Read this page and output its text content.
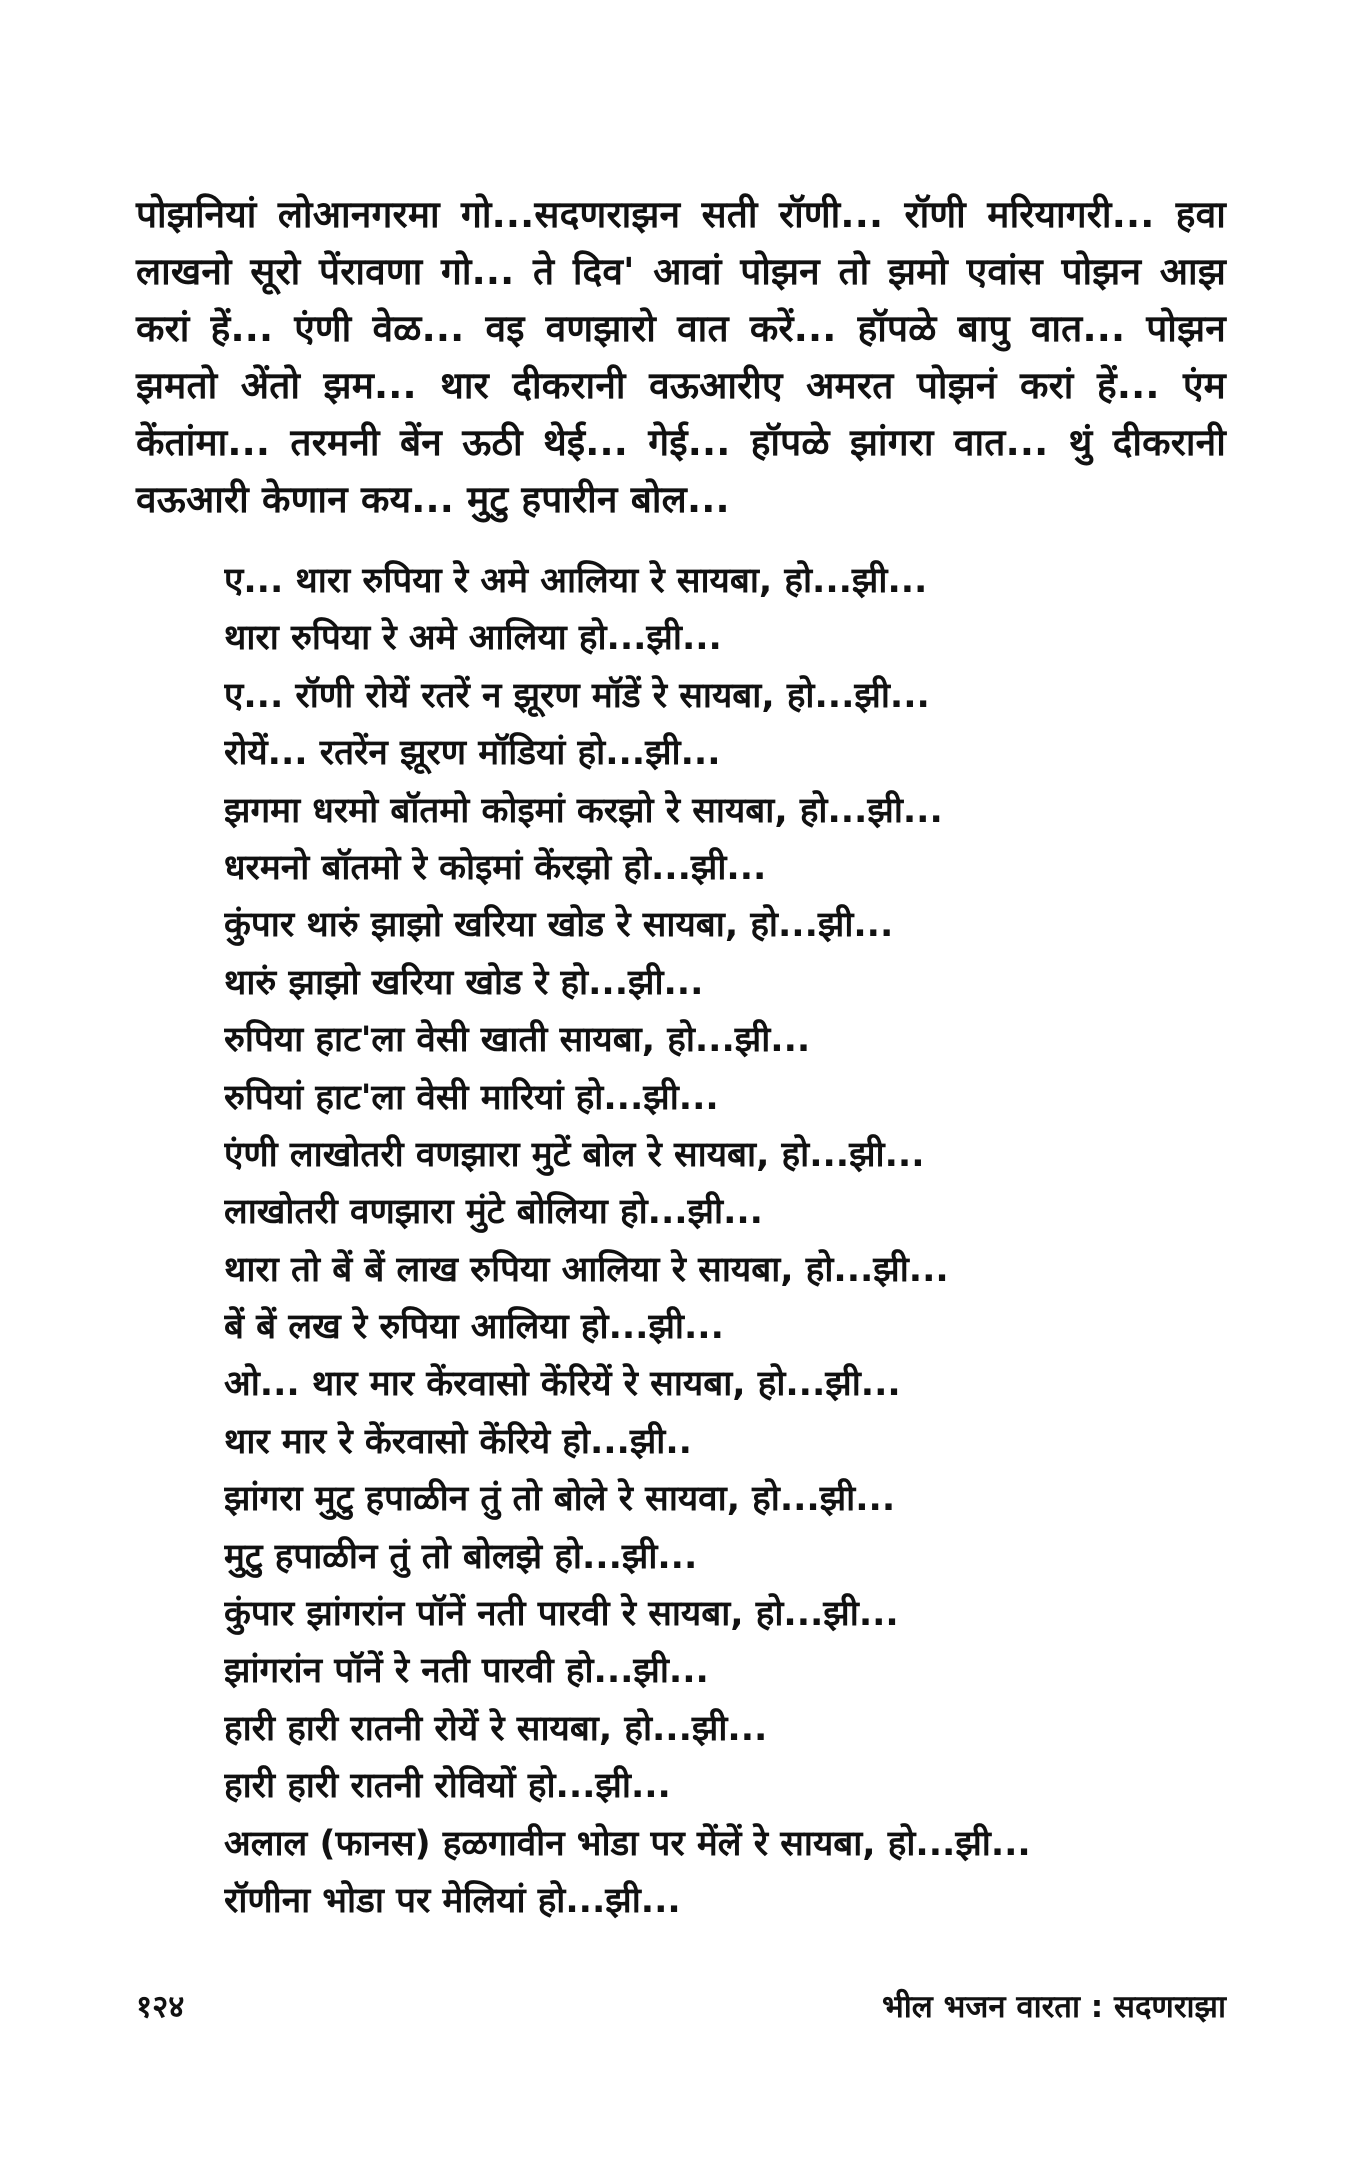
पोझनियां लोआनगरमा गो...सदणराझन सती रॉणी... रॉणी मरियागरी... हवा लाखनो सूरो पेंरावणा गो... ते दिव' आवां पोझन तो झमो एवांस पोझन आझ करां हें... एंणी वेळ... वइ वणझारो वात करें... हॉपळे बापु वात... पोझन झमतो अेंतो झम... थार दीकरानी वऊआरीए अमरत पोझनं करां हें... एंम केंतांमा... तरमनी बेंन ऊठी थेई... गेई... हॉपळे झांगरा वात... थुं दीकरानी वऊआरी केणान कय... मुटु हपारीन बोल...

ए... थारा रुपिया रे अमे आलिया रे सायबा, हो...झी...
थारा रुपिया रे अमे आलिया हो...झी...
ए... रॉणी रोयें रतरें न झूरण मॉडें रे सायबा, हो...झी...
रोयें... रतरेंन झूरण मॉडियां हो...झी...
झगमा धरमो बॉतमो कोइमां करझो रे सायबा, हो...झी...
धरमनो बॉतमो रे कोइमां केंरझो हो...झी...
कुंपार थारुं झाझो खरिया खोड रे सायबा, हो...झी...
थारुं झाझो खरिया खोड रे हो...झी...
रुपिया हाट'ला वेसी खाती सायबा, हो...झी...
रुपियां हाट'ला वेसी मारियां हो...झी...
एंणी लाखोतरी वणझारा मुटें बोल रे सायबा, हो...झी...
लाखोतरी वणझारा मुंटे बोलिया हो...झी...
थारा तो बें बें लाख रुपिया आलिया रे सायबा, हो...झी...
बें बें लख रे रुपिया आलिया हो...झी...
ओ... थार मार केंरवासो केंरियें रे सायबा, हो...झी...
थार मार रे केंरवासो केंरिये हो...झी..
झांगरा मुटु हपाळीन तुं तो बोले रे सायवा, हो...झी...
मुटु हपाळीन तुं तो बोलझे हो...झी...
कुंपार झांगरांन पॉनें नती पारवी रे सायबा, हो...झी...
झांगरांन पॉनें रे नती पारवी हो...झी...
हारी हारी रातनी रोयें रे सायबा, हो...झी...
हारी हारी रातनी रोवियों हो...झी...
अलाल (फानस) हळगावीन भोडा पर मेंलें रे सायबा, हो...झी...
रॉणीना भोडा पर मेलियां हो...झी...
१२४	भील भजन वारता : सदणराझा
